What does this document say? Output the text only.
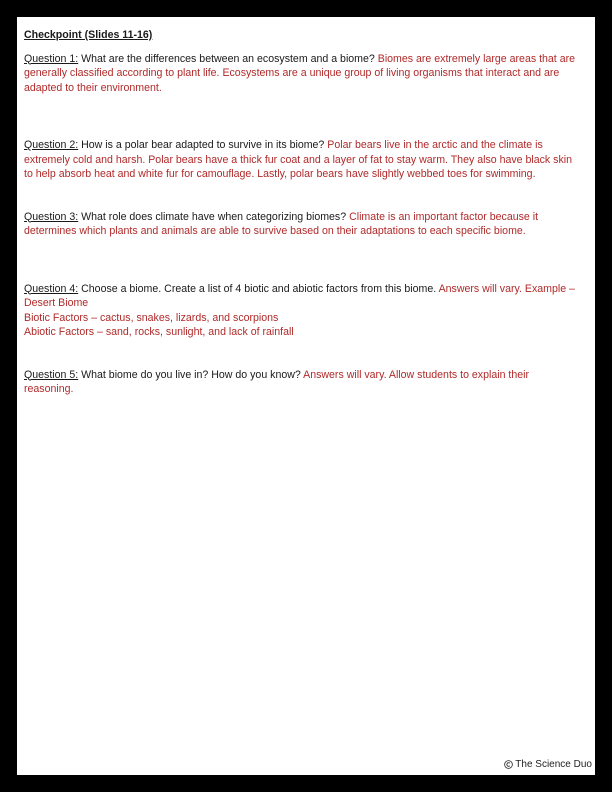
Checkpoint (Slides 11-16)

Question 1: What are the differences between an ecosystem and a biome? Biomes are extremely large areas that are generally classified according to plant life. Ecosystems are a unique group of living organisms that interact and are adapted to their environment.

Question 2: How is a polar bear adapted to survive in its biome? Polar bears live in the arctic and the climate is extremely cold and harsh. Polar bears have a thick fur coat and a layer of fat to stay warm. They also have black skin to help absorb heat and white fur for camouflage. Lastly, polar bears have slightly webbed toes for swimming.

Question 3: What role does climate have when categorizing biomes? Climate is an important factor because it determines which plants and animals are able to survive based on their adaptations to each specific biome.

Question 4: Choose a biome. Create a list of 4 biotic and abiotic factors from this biome. Answers will vary. Example – Desert Biome
Biotic Factors – cactus, snakes, lizards, and scorpions
Abiotic Factors – sand, rocks, sunlight, and lack of rainfall

Question 5: What biome do you live in? How do you know? Answers will vary. Allow students to explain their reasoning.

The Science Duo
